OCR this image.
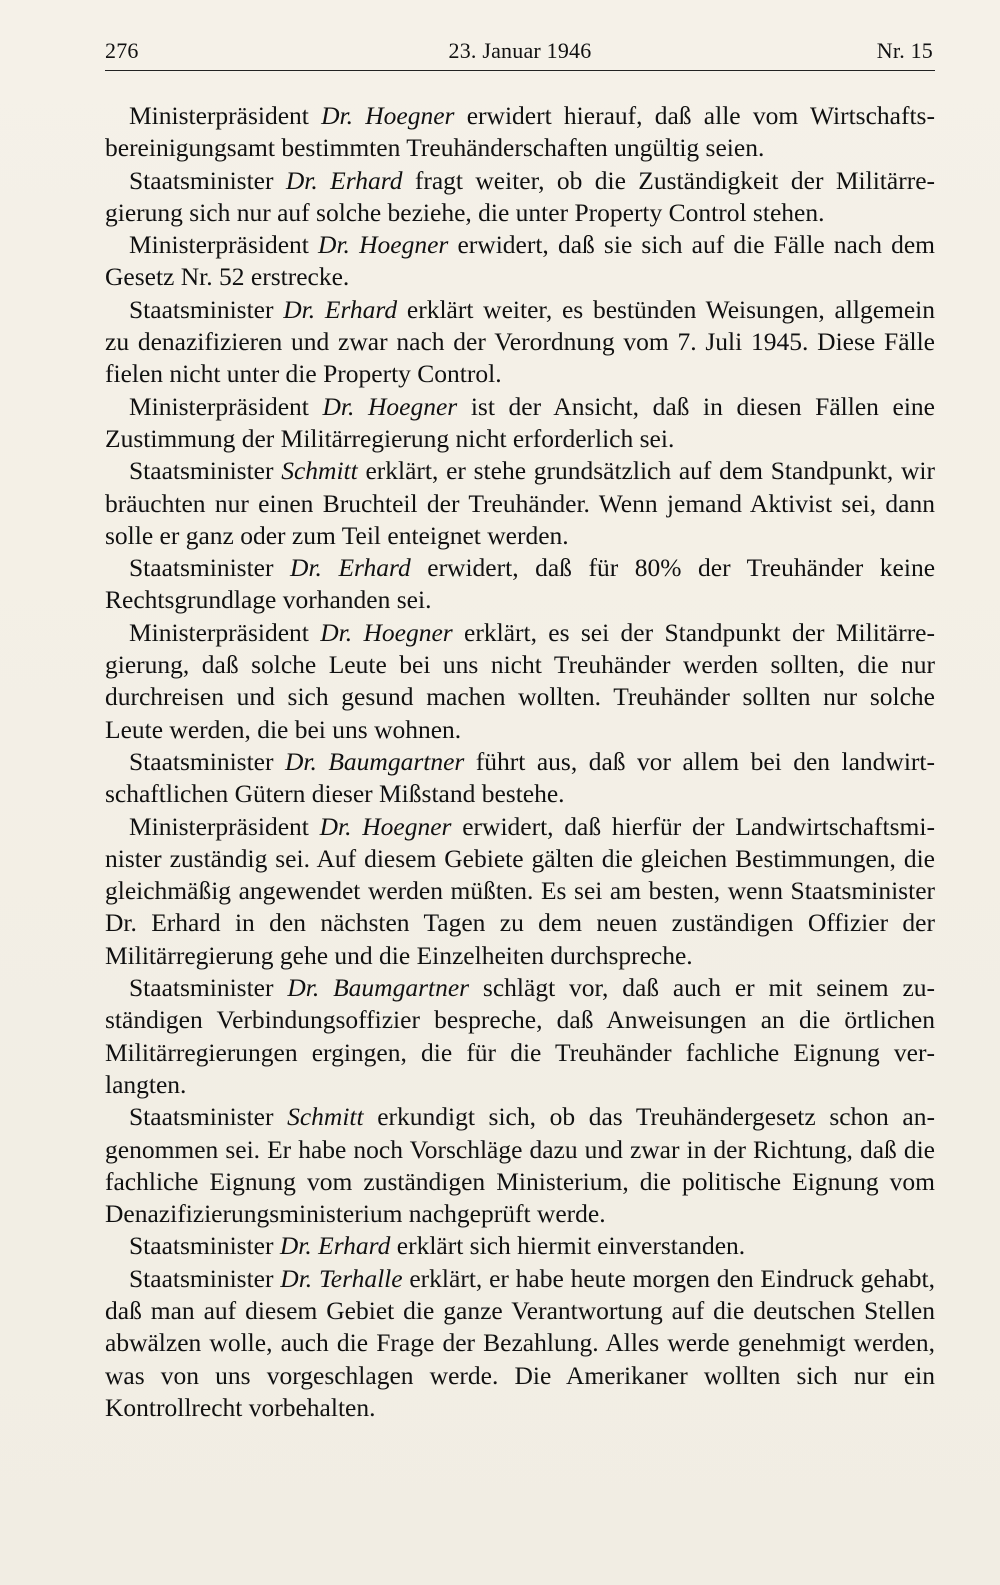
276	23. Januar 1946	Nr. 15

Ministerpräsident Dr. Hoegner erwidert hierauf, daß alle vom Wirtschaftsbereinigungsamt bestimmten Treuhänderschaften ungültig seien.

Staatsminister Dr. Erhard fragt weiter, ob die Zuständigkeit der Militärregierung sich nur auf solche beziehe, die unter Property Control stehen.

Ministerpräsident Dr. Hoegner erwidert, daß sie sich auf die Fälle nach dem Gesetz Nr. 52 erstrecke.

Staatsminister Dr. Erhard erklärt weiter, es bestünden Weisungen, allgemein zu denazifizieren und zwar nach der Verordnung vom 7. Juli 1945. Diese Fälle fielen nicht unter die Property Control.

Ministerpräsident Dr. Hoegner ist der Ansicht, daß in diesen Fällen eine Zustimmung der Militärregierung nicht erforderlich sei.

Staatsminister Schmitt erklärt, er stehe grundsätzlich auf dem Standpunkt, wir bräuchten nur einen Bruchteil der Treuhänder. Wenn jemand Aktivist sei, dann solle er ganz oder zum Teil enteignet werden.

Staatsminister Dr. Erhard erwidert, daß für 80% der Treuhänder keine Rechtsgrundlage vorhanden sei.

Ministerpräsident Dr. Hoegner erklärt, es sei der Standpunkt der Militärregierung, daß solche Leute bei uns nicht Treuhänder werden sollten, die nur durchreisen und sich gesund machen wollten. Treuhänder sollten nur solche Leute werden, die bei uns wohnen.

Staatsminister Dr. Baumgartner führt aus, daß vor allem bei den landwirtschaftlichen Gütern dieser Mißstand bestehe.

Ministerpräsident Dr. Hoegner erwidert, daß hierfür der Landwirtschaftsminister zuständig sei. Auf diesem Gebiete gälten die gleichen Bestimmungen, die gleichmäßig angewendet werden müßten. Es sei am besten, wenn Staatsminister Dr. Erhard in den nächsten Tagen zu dem neuen zuständigen Offizier der Militärregierung gehe und die Einzelheiten durchspreche.

Staatsminister Dr. Baumgartner schlägt vor, daß auch er mit seinem zuständigen Verbindungsoffizier bespreche, daß Anweisungen an die örtlichen Militärregierungen ergingen, die für die Treuhänder fachliche Eignung verlangten.

Staatsminister Schmitt erkundigt sich, ob das Treuhändergesetz schon angenommen sei. Er habe noch Vorschläge dazu und zwar in der Richtung, daß die fachliche Eignung vom zuständigen Ministerium, die politische Eignung vom Denazifizierungsministerium nachgeprüft werde.

Staatsminister Dr. Erhard erklärt sich hiermit einverstanden.

Staatsminister Dr. Terhalle erklärt, er habe heute morgen den Eindruck gehabt, daß man auf diesem Gebiet die ganze Verantwortung auf die deutschen Stellen abwälzen wolle, auch die Frage der Bezahlung. Alles werde genehmigt werden, was von uns vorgeschlagen werde. Die Amerikaner wollten sich nur ein Kontrollrecht vorbehalten.
